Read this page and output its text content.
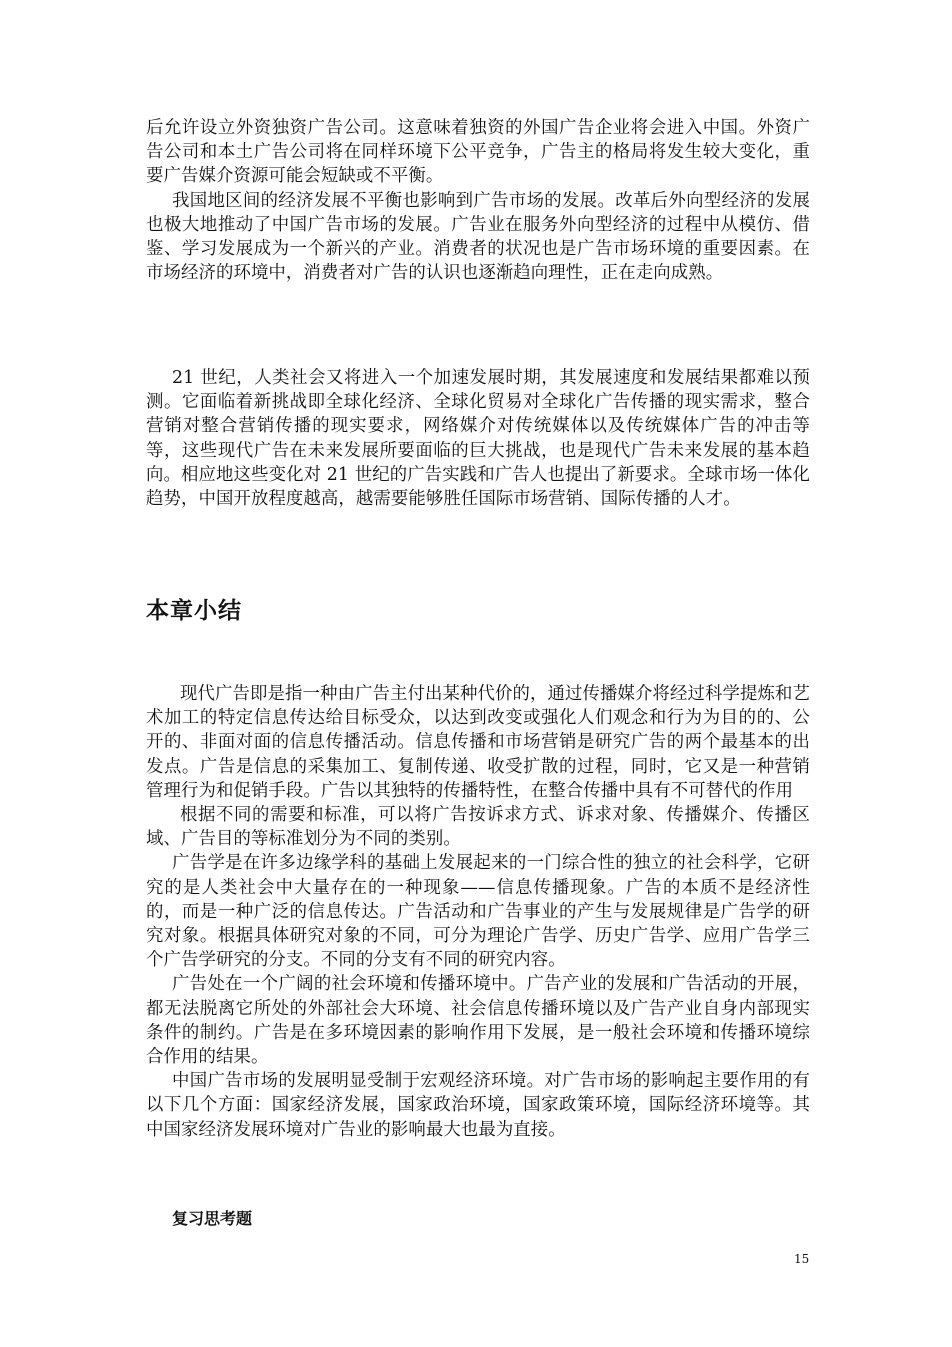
后允许设立外资独资广告公司。这意味着独资的外国广告企业将会进入中国。外资广告公司和本土广告公司将在同样环境下公平竞争，广告主的格局将发生较大变化，重要广告媒介资源可能会短缺或不平衡。

我国地区间的经济发展不平衡也影响到广告市场的发展。改革后外向型经济的发展也极大地推动了中国广告市场的发展。广告业在服务外向型经济的过程中从模仿、借鉴、学习发展成为一个新兴的产业。消费者的状况也是广告市场环境的重要因素。在市场经济的环境中，消费者对广告的认识也逐渐趋向理性，正在走向成熟。

21 世纪，人类社会又将进入一个加速发展时期，其发展速度和发展结果都难以预测。它面临着新挑战即全球化经济、全球化贸易对全球化广告传播的现实需求，整合营销对整合营销传播的现实要求，网络媒介对传统媒体以及传统媒体广告的冲击等等，这些现代广告在未来发展所要面临的巨大挑战，也是现代广告未来发展的基本趋向。相应地这些变化对 21 世纪的广告实践和广告人也提出了新要求。全球市场一体化趋势，中国开放程度越高，越需要能够胜任国际市场营销、国际传播的人才。

本章小结

现代广告即是指一种由广告主付出某种代价的，通过传播媒介将经过科学提炼和艺术加工的特定信息传达给目标受众，以达到改变或强化人们观念和行为为目的的、公开的、非面对面的信息传播活动。信息传播和市场营销是研究广告的两个最基本的出发点。广告是信息的采集加工、复制传递、收受扩散的过程，同时，它又是一种营销管理行为和促销手段。广告以其独特的传播特性，在整合传播中具有不可替代的作用

根据不同的需要和标准，可以将广告按诉求方式、诉求对象、传播媒介、传播区域、广告目的等标准划分为不同的类别。

广告学是在许多边缘学科的基础上发展起来的一门综合性的独立的社会科学，它研究的是人类社会中大量存在的一种现象——信息传播现象。广告的本质不是经济性的，而是一种广泛的信息传达。广告活动和广告事业的产生与发展规律是广告学的研究对象。根据具体研究对象的不同，可分为理论广告学、历史广告学、应用广告学三个广告学研究的分支。不同的分支有不同的研究内容。

广告处在一个广阔的社会环境和传播环境中。广告产业的发展和广告活动的开展，都无法脱离它所处的外部社会大环境、社会信息传播环境以及广告产业自身内部现实条件的制约。广告是在多环境因素的影响作用下发展，是一般社会环境和传播环境综合作用的结果。

中国广告市场的发展明显受制于宏观经济环境。对广告市场的影响起主要作用的有以下几个方面：国家经济发展，国家政治环境，国家政策环境，国际经济环境等。其中国家经济发展环境对广告业的影响最大也最为直接。

复习思考题
15
